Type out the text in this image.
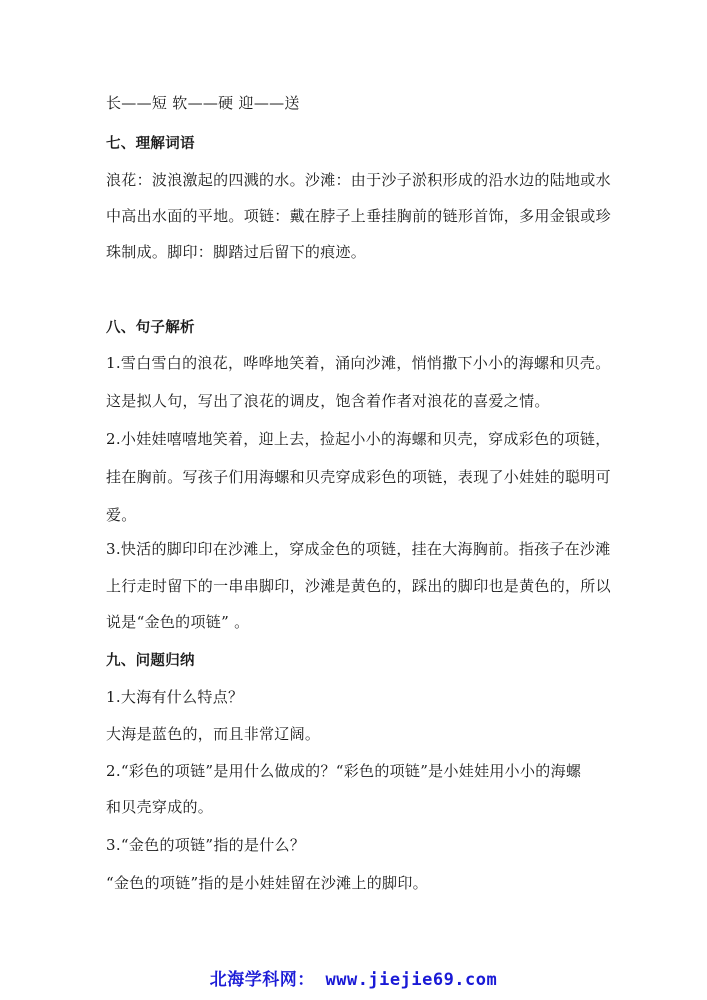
长——短 软——硬 迎——送
七、理解词语
浪花：波浪激起的四溅的水。沙滩：由于沙子淤积形成的沿水边的陆地或水
中高出水面的平地。项链：戴在脖子上垂挂胸前的链形首饰，多用金银或珍
珠制成。脚印：脚踏过后留下的痕迹。
八、句子解析
1.雪白雪白的浪花，哗哗地笑着，涌向沙滩，悄悄撒下小小的海螺和贝壳。
这是拟人句，写出了浪花的调皮，饱含着作者对浪花的喜爱之情。
2.小娃娃嘻嘻地笑着，迎上去，捡起小小的海螺和贝壳，穿成彩色的项链，
挂在胸前。写孩子们用海螺和贝壳穿成彩色的项链，表现了小娃娃的聪明可
爱。
3.快活的脚印印在沙滩上，穿成金色的项链，挂在大海胸前。指孩子在沙滩
上行走时留下的一串串脚印，沙滩是黄色的，踩出的脚印也是黄色的，所以
说是“金色的项链” 。
九、问题归纳
1.大海有什么特点？
大海是蓝色的，而且非常辽阔。
2.“彩色的项链”是用什么做成的？“彩色的项链”是小娃娃用小小的海螺
和贝壳穿成的。
3.“金色的项链”指的是什么？
“金色的项链”指的是小娃娃留在沙滩上的脚印。
北海学科网： www.jiejie69.com
